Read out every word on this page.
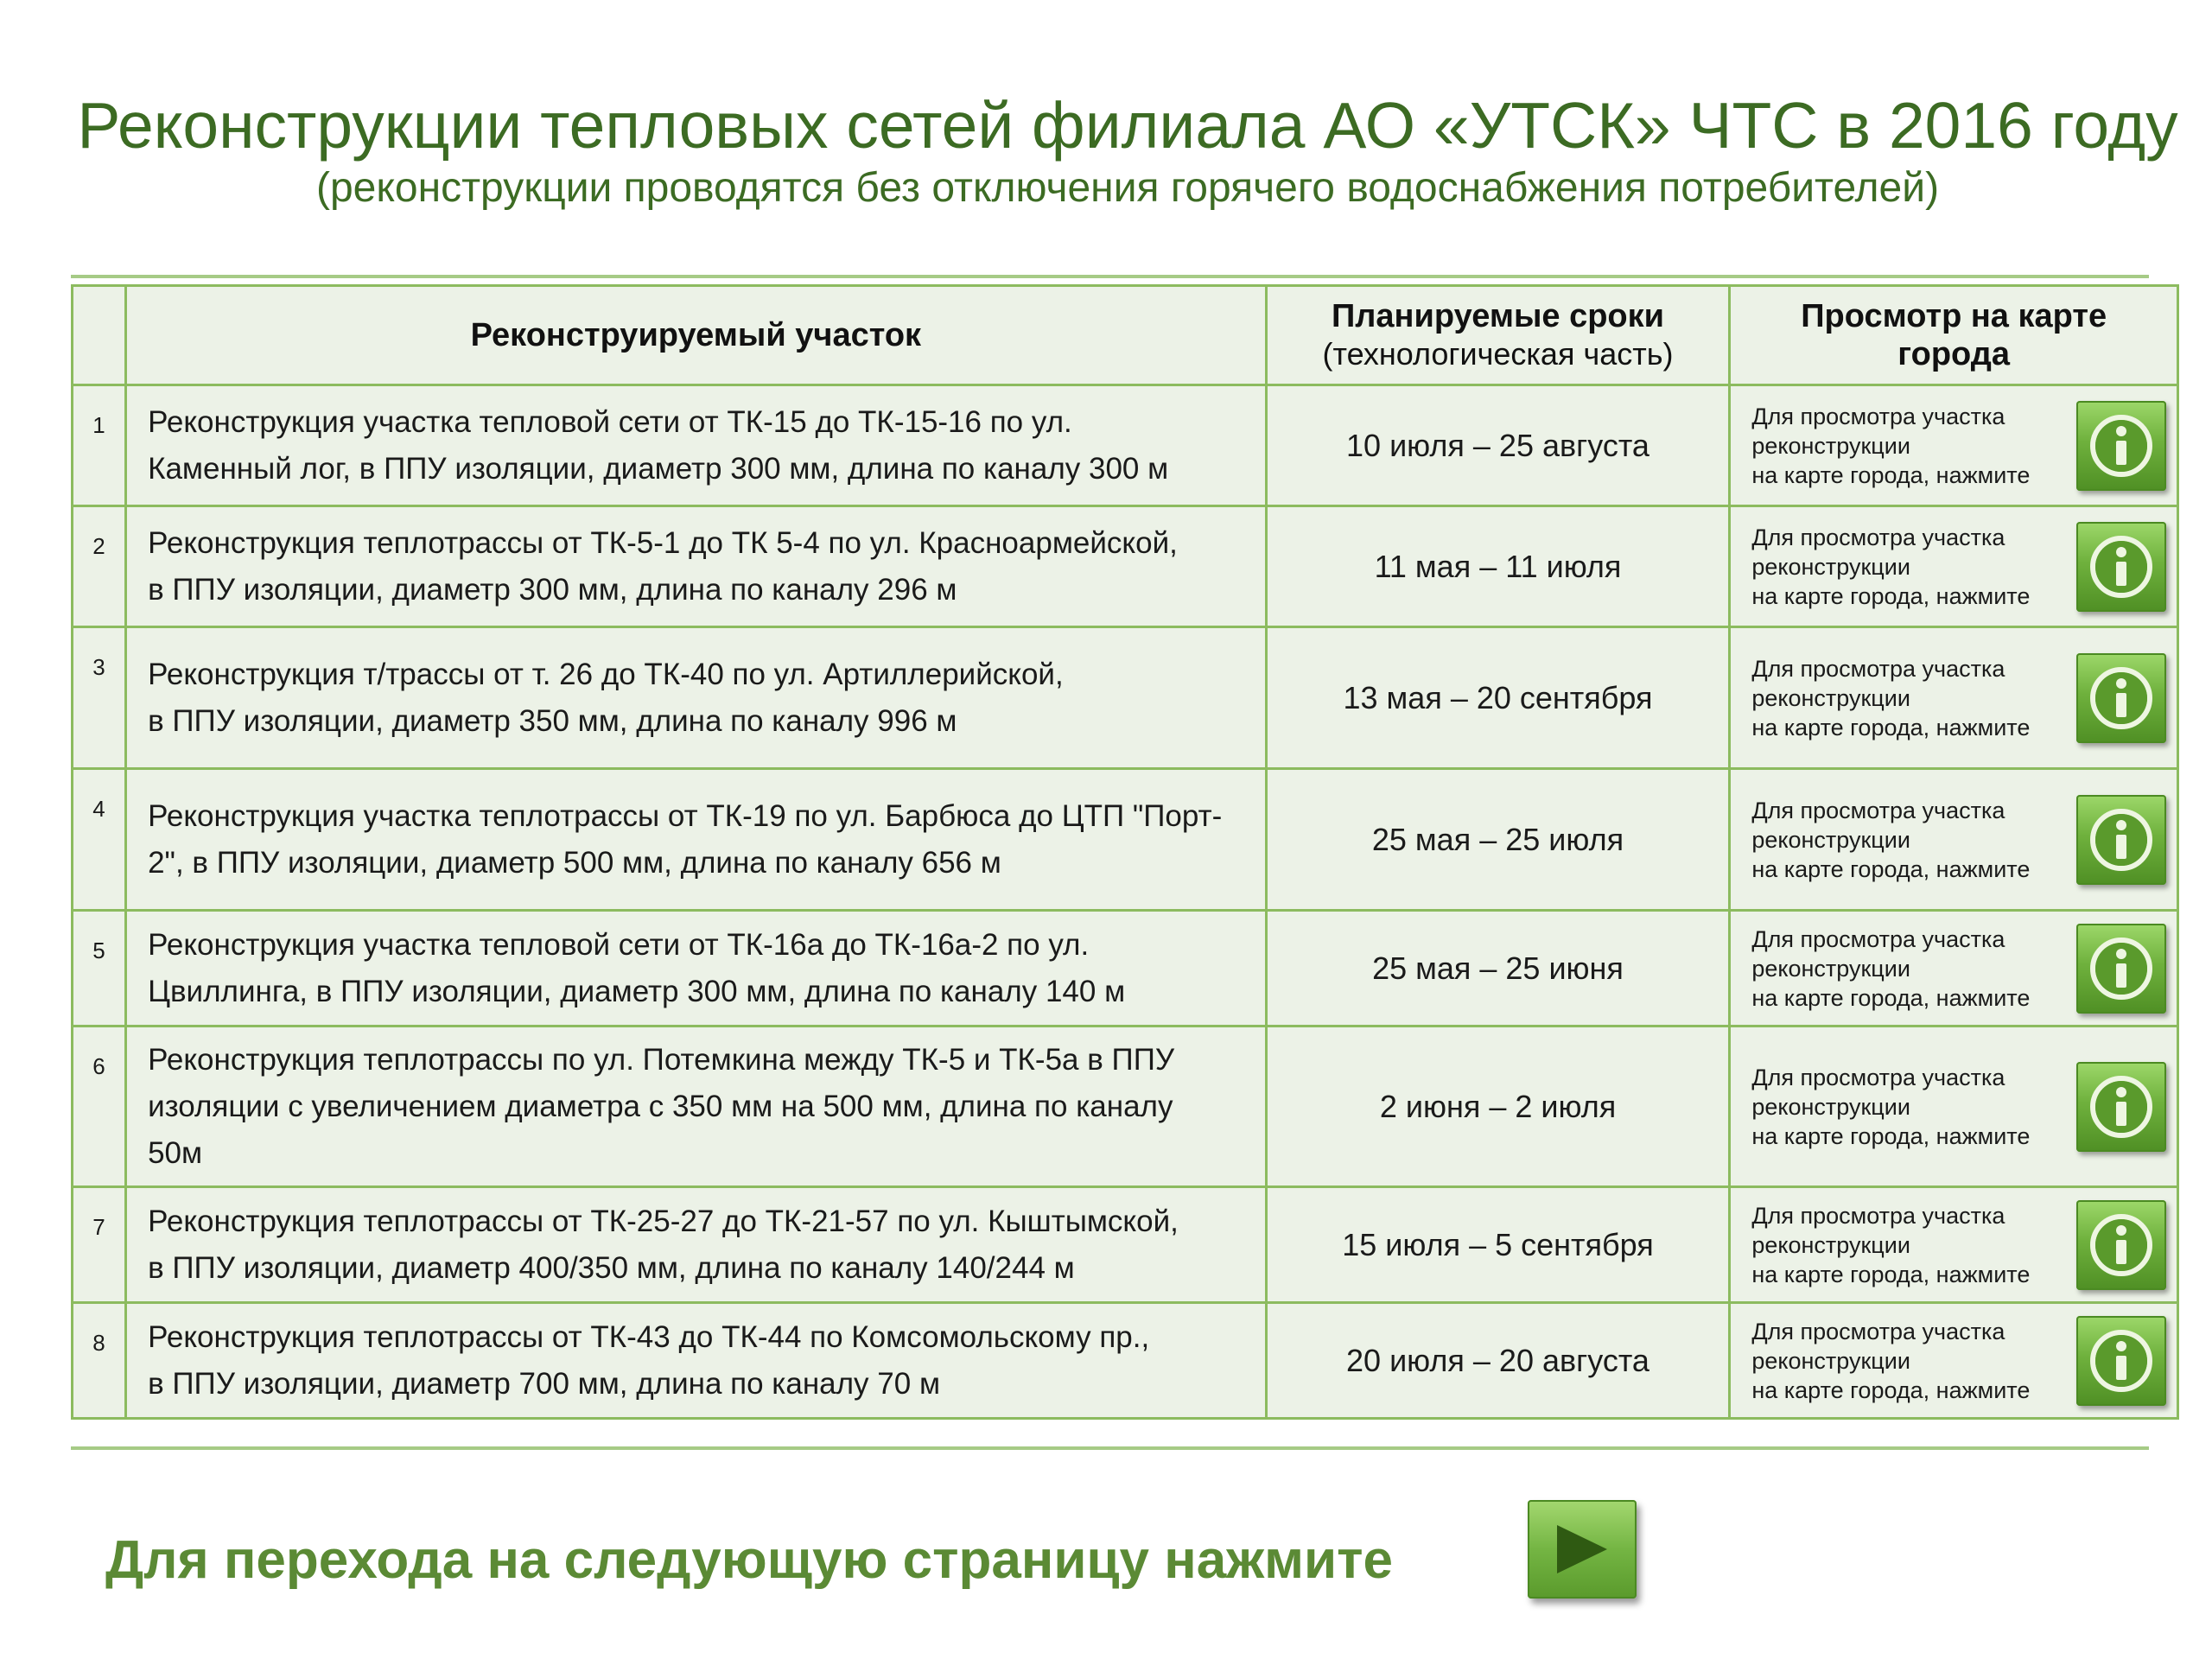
Реконструкции тепловых сетей филиала АО «УТСК» ЧТС в 2016 году
(реконструкции проводятся без отключения горячего водоснабжения потребителей)
	Реконструируемый участок	Планируемые сроки
(технологическая часть)	Просмотр на карте города
1	Реконструкция участка тепловой сети от ТК-15 до ТК-15-16 по ул.
Каменный лог, в ППУ изоляции, диаметр 300 мм, длина по каналу 300 м	10 июля – 25 августа	Для просмотра участка
реконструкции
на карте города, нажмите

2	Реконструкция теплотрассы от ТК-5-1 до ТК 5-4 по ул. Красноармейской,
в ППУ изоляции, диаметр 300 мм, длина по каналу 296 м	11 мая – 11 июля	Для просмотра участка
реконструкции
на карте города, нажмите

3	Реконструкция т/трассы от т. 26 до ТК-40 по ул. Артиллерийской,
в ППУ изоляции, диаметр 350 мм, длина по каналу 996 м	13 мая – 20 сентября	Для просмотра участка
реконструкции
на карте города, нажмите

4	Реконструкция участка теплотрассы от ТК-19 по ул. Барбюса до ЦТП "Порт-
2", в ППУ изоляции, диаметр 500 мм, длина по каналу 656 м	25 мая – 25 июля	Для просмотра участка
реконструкции
на карте города, нажмите

5	Реконструкция участка тепловой сети от ТК-16а до ТК-16а-2 по ул.
Цвиллинга, в ППУ изоляции, диаметр 300 мм, длина по каналу 140 м	25 мая – 25 июня	Для просмотра участка
реконструкции
на карте города, нажмите

6	Реконструкция теплотрассы по ул. Потемкина между ТК-5 и ТК-5а в ППУ
изоляции с увеличением диаметра с 350 мм на 500 мм, длина по каналу
50м	2 июня – 2 июля	Для просмотра участка
реконструкции
на карте города, нажмите

7	Реконструкция теплотрассы от ТК-25-27 до ТК-21-57 по ул. Кыштымской,
в ППУ изоляции, диаметр 400/350 мм, длина по каналу 140/244 м	15 июля – 5 сентября	Для просмотра участка
реконструкции
на карте города, нажмите

8	Реконструкция теплотрассы от ТК-43 до ТК-44 по Комсомольскому пр.,
в ППУ изоляции, диаметр 700 мм, длина по каналу 70 м	20 июля – 20 августа	Для просмотра участка
реконструкции
на карте города, нажмите
Для перехода на следующую страницу нажмите
